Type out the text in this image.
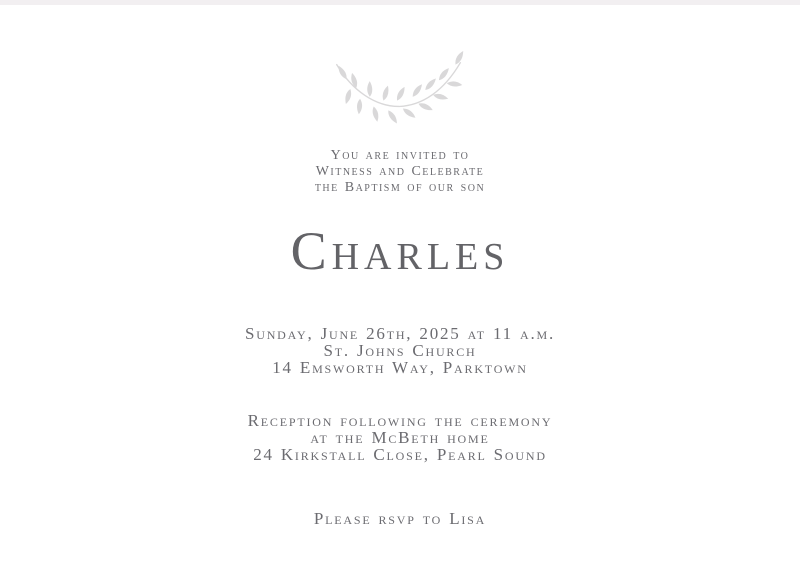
You are invited to
Witness and Celebrate
the Baptism of our son
Charles
Sunday, June 26th, 2025 at 11 a.m.
St. Johns Church
14 Emsworth Way, Parktown
Reception following the ceremony
at the McBeth home
24 Kirkstall Close, Pearl Sound
Please rsvp to Lisa
